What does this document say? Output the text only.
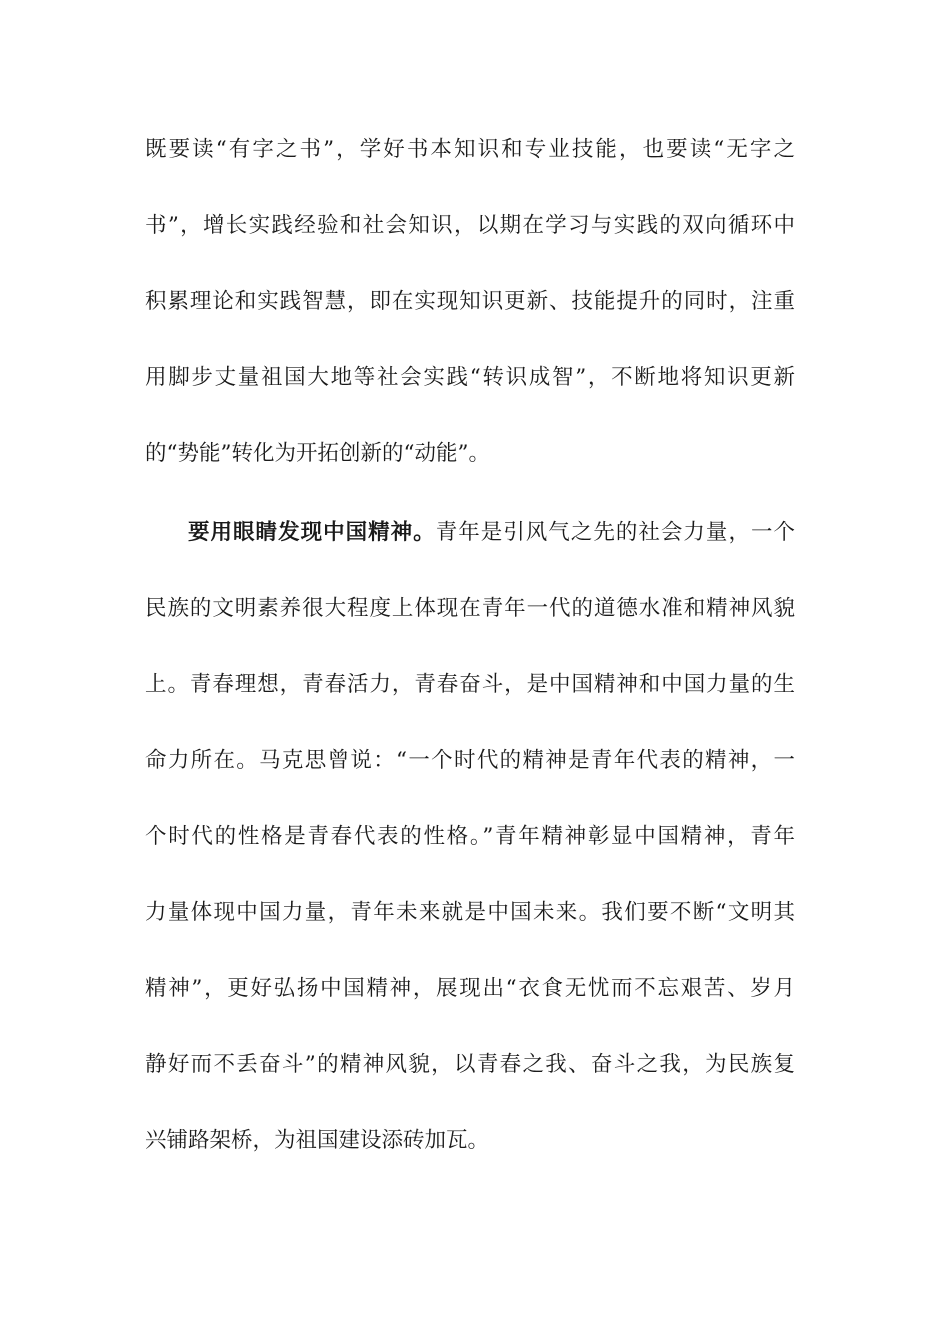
既要读“有字之书”，学好书本知识和专业技能，也要读“无字之
书”，增长实践经验和社会知识，以期在学习与实践的双向循环中
积累理论和实践智慧，即在实现知识更新、技能提升的同时，注重
用脚步丈量祖国大地等社会实践“转识成智”，不断地将知识更新
的“势能”转化为开拓创新的“动能”。
要用眼睛发现中国精神。青年是引风气之先的社会力量，一个
民族的文明素养很大程度上体现在青年一代的道德水准和精神风貌
上。青春理想，青春活力，青春奋斗，是中国精神和中国力量的生
命力所在。马克思曾说：“一个时代的精神是青年代表的精神，一
个时代的性格是青春代表的性格。”青年精神彰显中国精神，青年
力量体现中国力量，青年未来就是中国未来。我们要不断“文明其
精神”，更好弘扬中国精神，展现出“衣食无忧而不忘艰苦、岁月
静好而不丢奋斗”的精神风貌，以青春之我、奋斗之我，为民族复
兴铺路架桥，为祖国建设添砖加瓦。
